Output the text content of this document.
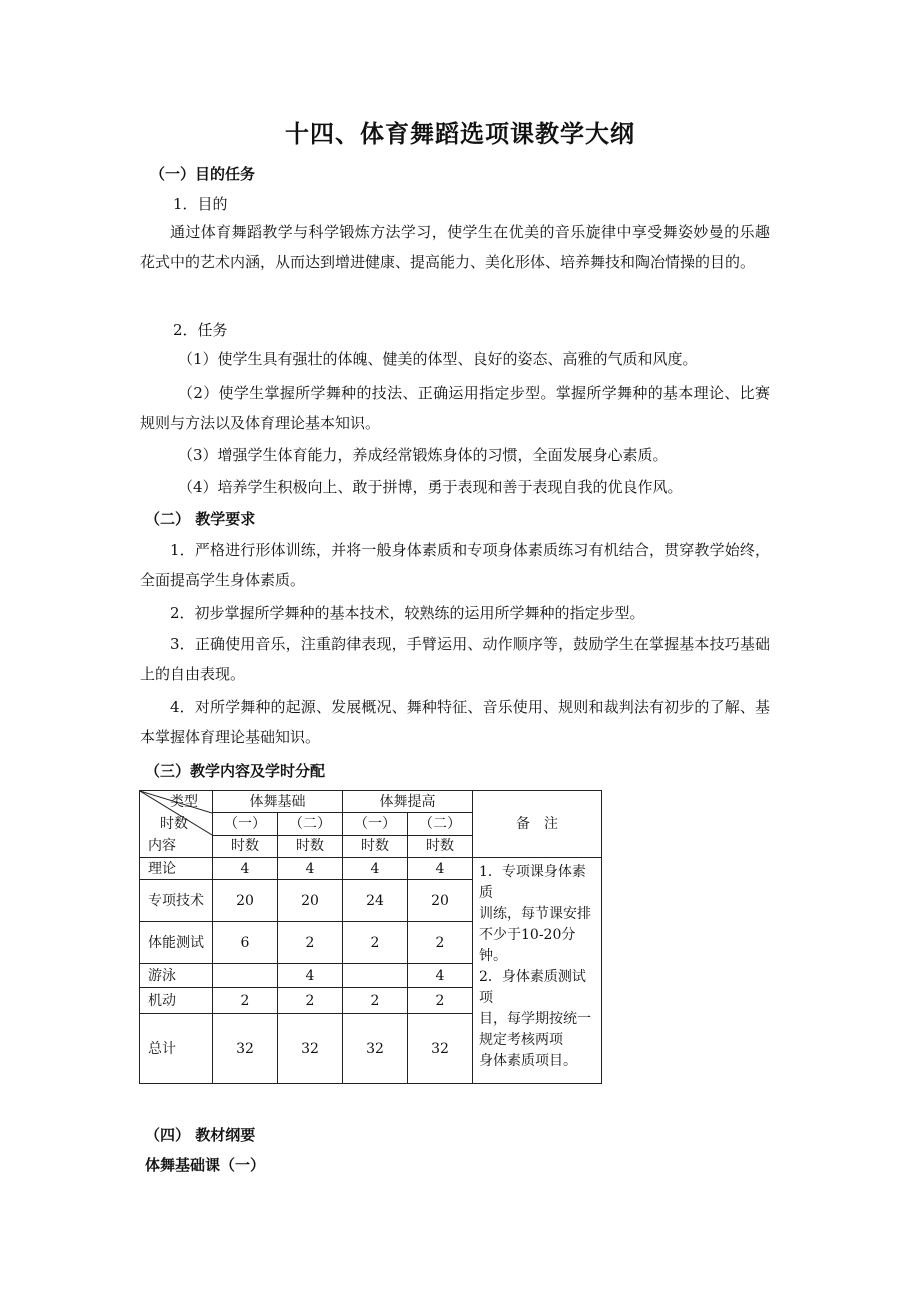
十四、体育舞蹈选项课教学大纲
（一）目的任务
1．目的
通过体育舞蹈教学与科学锻炼方法学习，使学生在优美的音乐旋律中享受舞姿妙曼的乐趣 花式中的艺术内涵，从而达到增进健康、提高能力、美化形体、培养舞技和陶冶情操的目的。
2．任务
（1）使学生具有强壮的体魄、健美的体型、良好的姿态、高雅的气质和风度。
（2）使学生掌握所学舞种的技法、正确运用指定步型。掌握所学舞种的基本理论、比赛规则与方法以及体育理论基本知识。
（3）增强学生体育能力，养成经常锻炼身体的习惯，全面发展身心素质。
（4）培养学生积极向上、敢于拼博，勇于表现和善于表现自我的优良作风。
（二） 教学要求
1．严格进行形体训练，并将一般身体素质和专项身体素质练习有机结合，贯穿教学始终，全面提高学生身体素质。
2．初步掌握所学舞种的基本技术，较熟练的运用所学舞种的指定步型。
3．正确使用音乐，注重韵律表现，手臂运用、动作顺序等，鼓励学生在掌握基本技巧基础上的自由表现。
4．对所学舞种的起源、发展概况、舞种特征、音乐使用、规则和裁判法有初步的了解、基本掌握体育理论基础知识。
（三）教学内容及学时分配
类型
时数
内容	体舞基础		体舞提高		备　注
	（一）	（二）	（一）	（二）	
	时数	时数	时数	时数	
理论	4	4	4	4	1．专项课身体素质
训练，每节课安排不少于10-20分钟。
2．身体素质测试项
目，每学期按统一规定考核两项
身体素质项目。
专项技术	20	20	24	20	
体能测试	6	2	2	2	
游泳		4		4	
机动	2	2	2	2	
总计	32	32	32	32	
（四） 教材纲要
体舞基础课（一）
